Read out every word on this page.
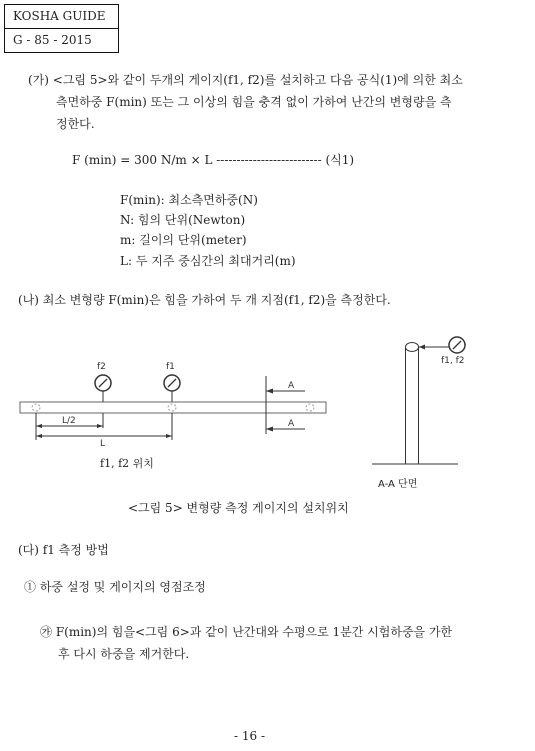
KOSHA GUIDE
G - 85 - 2015
(가) <그림 5>와 같이 두개의 게이지(f1, f2)를 설치하고 다음 공식(1)에 의한 최소
측면하중 F(min) 또는 그 이상의 힘을 충격 없이 가하여 난간의 변형량을 측
정한다.
F (min) = 300 N/m × L -------------------------- (식1)
F(min): 최소측면하중(N)
N: 힘의 단위(Newton)
m: 길이의 단위(meter)
L: 두 지주 중심간의 최대거리(m)
(나) 최소 변형량 F(min)은 힘을 가하여 두 개 지점(f1, f2)을 측정한다.
f2	f1
A
A
L/2
L
f1, f2
f1, f2 위치
A-A 단면
<그림 5> 변형량 측정 게이지의 설치위치
(다) f1 측정 방법
① 하중 설정 및 게이지의 영점조정
㉮ F(min)의 힘을<그림 6>과 같이 난간대와 수평으로 1분간 시험하중을 가한
후 다시 하중을 제거한다.
- 16 -
